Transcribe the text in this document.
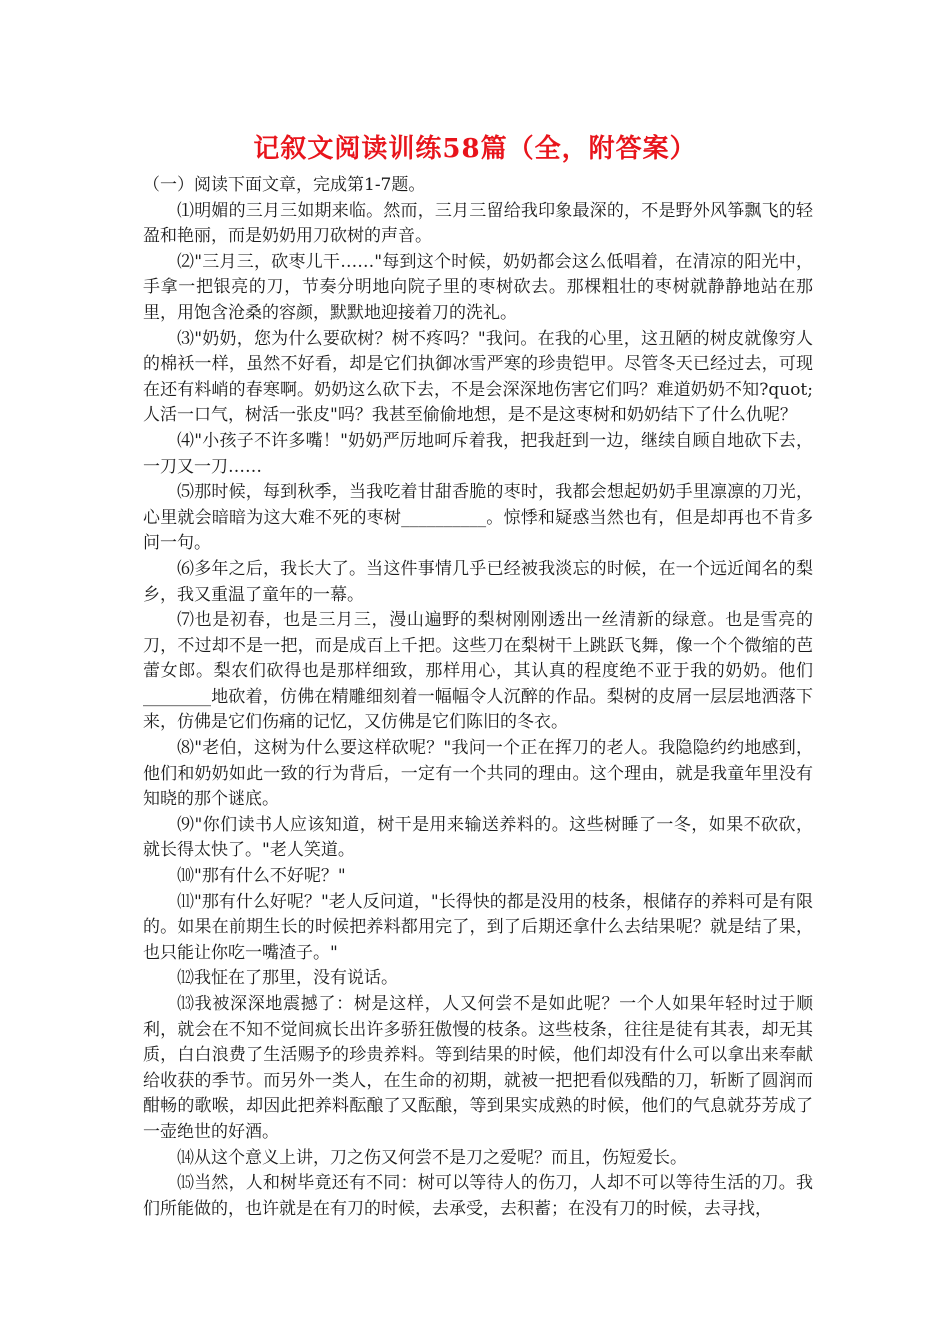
记叙文阅读训练58篇（全，附答案）

（一）阅读下面文章，完成第1-7题。

⑴明媚的三月三如期来临。然而，三月三留给我印象最深的，不是野外风筝飘飞的轻盈和艳丽，而是奶奶用刀砍树的声音。

⑵"三月三，砍枣儿干……"每到这个时候，奶奶都会这么低唱着，在清凉的阳光中，手拿一把银亮的刀，节奏分明地向院子里的枣树砍去。那棵粗壮的枣树就静静地站在那里，用饱含沧桑的容颜，默默地迎接着刀的洗礼。

⑶"奶奶，您为什么要砍树？树不疼吗？"我问。在我的心里，这丑陋的树皮就像穷人的棉袄一样，虽然不好看，却是它们执御冰雪严寒的珍贵铠甲。尽管冬天已经过去，可现在还有料峭的春寒啊。奶奶这么砍下去，不是会深深地伤害它们吗？难道奶奶不知?quot;人活一口气，树活一张皮"吗？我甚至偷偷地想，是不是这枣树和奶奶结下了什么仇呢？

⑷"小孩子不许多嘴！"奶奶严厉地呵斥着我，把我赶到一边，继续自顾自地砍下去，一刀又一刀……

⑸那时候，每到秋季，当我吃着甘甜香脆的枣时，我都会想起奶奶手里凛凛的刀光，心里就会暗暗为这大难不死的枣树__________。惊悸和疑惑当然也有，但是却再也不肯多问一句。

⑹多年之后，我长大了。当这件事情几乎已经被我淡忘的时候，在一个远近闻名的梨乡，我又重温了童年的一幕。

⑺也是初春，也是三月三，漫山遍野的梨树刚刚透出一丝清新的绿意。也是雪亮的刀，不过却不是一把，而是成百上千把。这些刀在梨树干上跳跃飞舞，像一个个微缩的芭蕾女郎。梨农们砍得也是那样细致，那样用心，其认真的程度绝不亚于我的奶奶。他们________地砍着，仿佛在精雕细刻着一幅幅令人沉醉的作品。梨树的皮屑一层层地洒落下来，仿佛是它们伤痛的记忆，又仿佛是它们陈旧的冬衣。

⑻"老伯，这树为什么要这样砍呢？"我问一个正在挥刀的老人。我隐隐约约地感到，他们和奶奶如此一致的行为背后，一定有一个共同的理由。这个理由，就是我童年里没有知晓的那个谜底。

⑼"你们读书人应该知道，树干是用来输送养料的。这些树睡了一冬，如果不砍砍，就长得太快了。"老人笑道。

⑽"那有什么不好呢？"

⑾"那有什么好呢？"老人反问道，"长得快的都是没用的枝条，根储存的养料可是有限的。如果在前期生长的时候把养料都用完了，到了后期还拿什么去结果呢？就是结了果，也只能让你吃一嘴渣子。"

⑿我怔在了那里，没有说话。

⒀我被深深地震撼了：树是这样，人又何尝不是如此呢？一个人如果年轻时过于顺利，就会在不知不觉间疯长出许多骄狂傲慢的枝条。这些枝条，往往是徒有其表，却无其质，白白浪费了生活赐予的珍贵养料。等到结果的时候，他们却没有什么可以拿出来奉献给收获的季节。而另外一类人，在生命的初期，就被一把把看似残酷的刀，斩断了圆润而酣畅的歌喉，却因此把养料酝酿了又酝酿，等到果实成熟的时候，他们的气息就芬芳成了一壶绝世的好酒。

⒁从这个意义上讲，刀之伤又何尝不是刀之爱呢？而且，伤短爱长。

⒂当然，人和树毕竟还有不同：树可以等待人的伤刀，人却不可以等待生活的刀。我们所能做的，也许就是在有刀的时候，去承受，去积蓄；在没有刀的时候，去寻找，
